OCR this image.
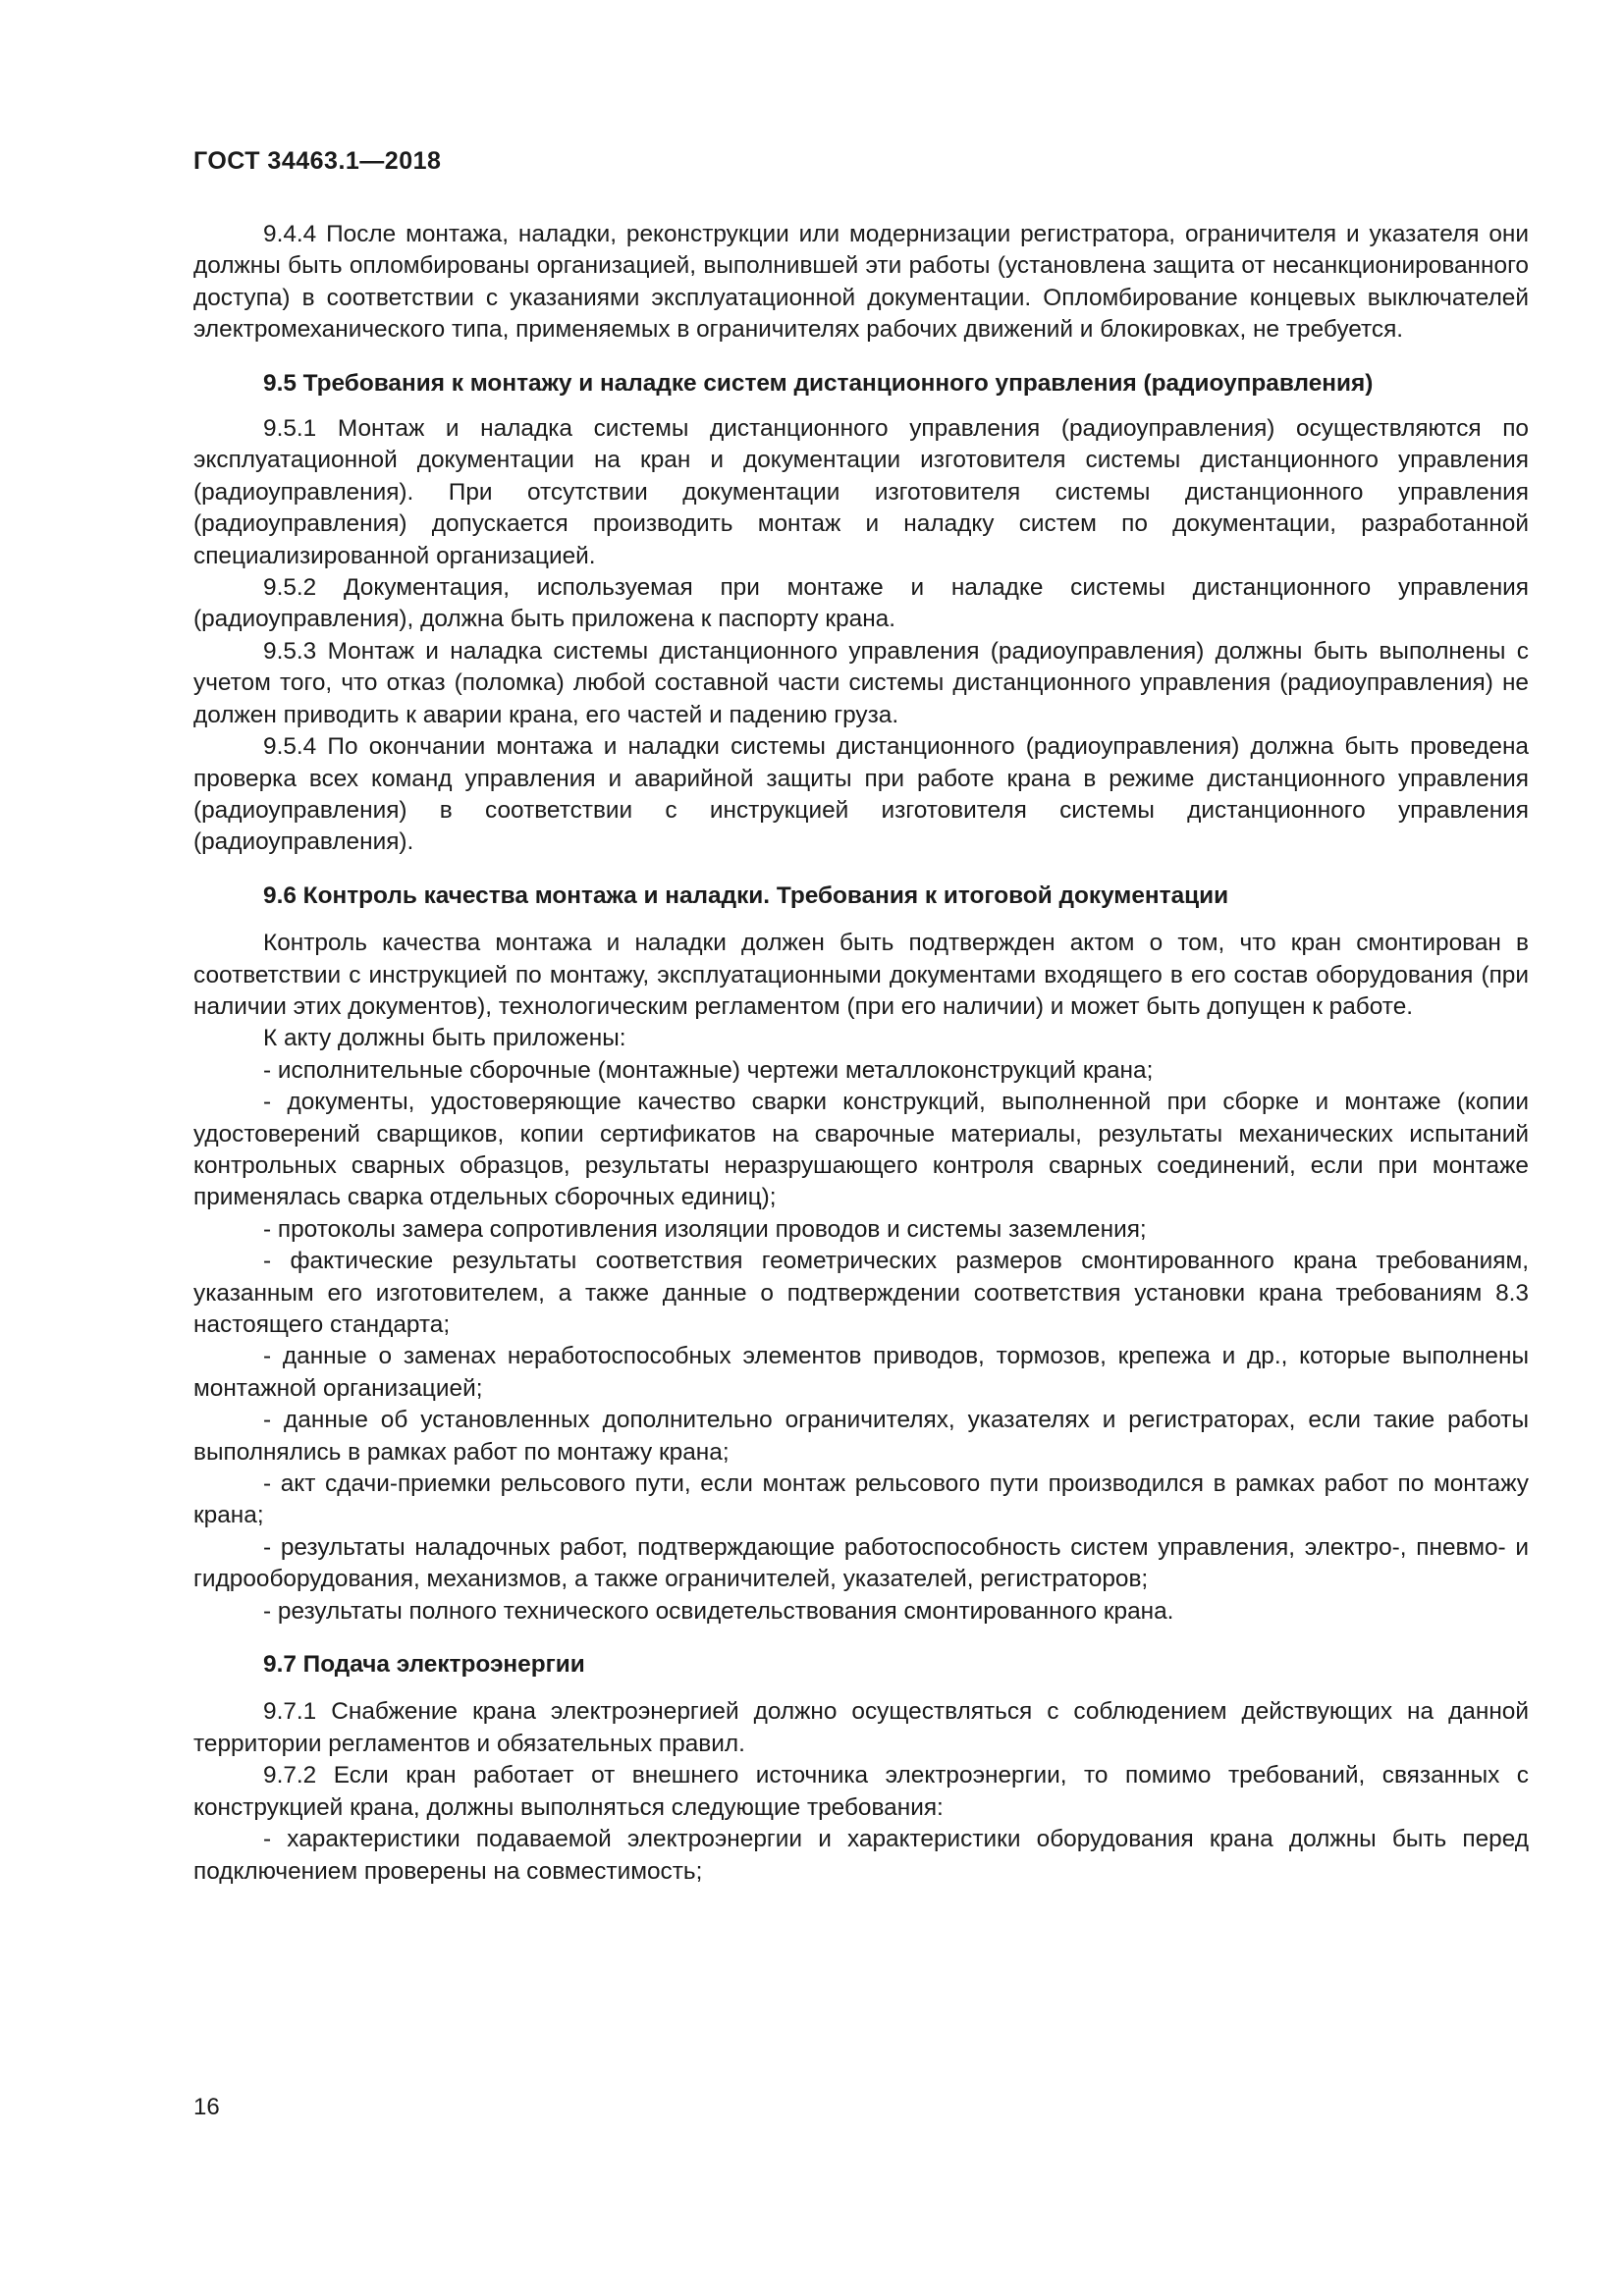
ГОСТ 34463.1—2018

9.4.4 После монтажа, наладки, реконструкции или модернизации регистратора, ограничителя и указателя они должны быть опломбированы организацией, выполнившей эти работы (установлена защита от несанкционированного доступа) в соответствии с указаниями эксплуатационной документации. Опломбирование концевых выключателей электромеханического типа, применяемых в ограничителях рабочих движений и блокировках, не требуется.

9.5 Требования к монтажу и наладке систем дистанционного управления (радиоуправления)

9.5.1 Монтаж и наладка системы дистанционного управления (радиоуправления) осуществляются по эксплуатационной документации на кран и документации изготовителя системы дистанционного управления (радиоуправления). При отсутствии документации изготовителя системы дистанционного управления (радиоуправления) допускается производить монтаж и наладку систем по документации, разработанной специализированной организацией.

9.5.2 Документация, используемая при монтаже и наладке системы дистанционного управления (радиоуправления), должна быть приложена к паспорту крана.

9.5.3 Монтаж и наладка системы дистанционного управления (радиоуправления) должны быть выполнены с учетом того, что отказ (поломка) любой составной части системы дистанционного управления (радиоуправления) не должен приводить к аварии крана, его частей и падению груза.

9.5.4 По окончании монтажа и наладки системы дистанционного (радиоуправления) должна быть проведена проверка всех команд управления и аварийной защиты при работе крана в режиме дистанционного управления (радиоуправления) в соответствии с инструкцией изготовителя системы дистанционного управления (радиоуправления).

9.6 Контроль качества монтажа и наладки. Требования к итоговой документации

Контроль качества монтажа и наладки должен быть подтвержден актом о том, что кран смонтирован в соответствии с инструкцией по монтажу, эксплуатационными документами входящего в его состав оборудования (при наличии этих документов), технологическим регламентом (при его наличии) и может быть допущен к работе.

К акту должны быть приложены:

- исполнительные сборочные (монтажные) чертежи металлоконструкций крана;

- документы, удостоверяющие качество сварки конструкций, выполненной при сборке и монтаже (копии удостоверений сварщиков, копии сертификатов на сварочные материалы, результаты механических испытаний контрольных сварных образцов, результаты неразрушающего контроля сварных соединений, если при монтаже применялась сварка отдельных сборочных единиц);

- протоколы замера сопротивления изоляции проводов и системы заземления;

- фактические результаты соответствия геометрических размеров смонтированного крана требованиям, указанным его изготовителем, а также данные о подтверждении соответствия установки крана требованиям 8.3 настоящего стандарта;

- данные о заменах неработоспособных элементов приводов, тормозов, крепежа и др., которые выполнены монтажной организацией;

- данные об установленных дополнительно ограничителях, указателях и регистраторах, если такие работы выполнялись в рамках работ по монтажу крана;

- акт сдачи-приемки рельсового пути, если монтаж рельсового пути производился в рамках работ по монтажу крана;

- результаты наладочных работ, подтверждающие работоспособность систем управления, электро-, пневмо- и гидрооборудования, механизмов, а также ограничителей, указателей, регистраторов;

- результаты полного технического освидетельствования смонтированного крана.

9.7 Подача электроэнергии

9.7.1 Снабжение крана электроэнергией должно осуществляться с соблюдением действующих на данной территории регламентов и обязательных правил.

9.7.2 Если кран работает от внешнего источника электроэнергии, то помимо требований, связанных с конструкцией крана, должны выполняться следующие требования:

- характеристики подаваемой электроэнергии и характеристики оборудования крана должны быть перед подключением проверены на совместимость;

16
